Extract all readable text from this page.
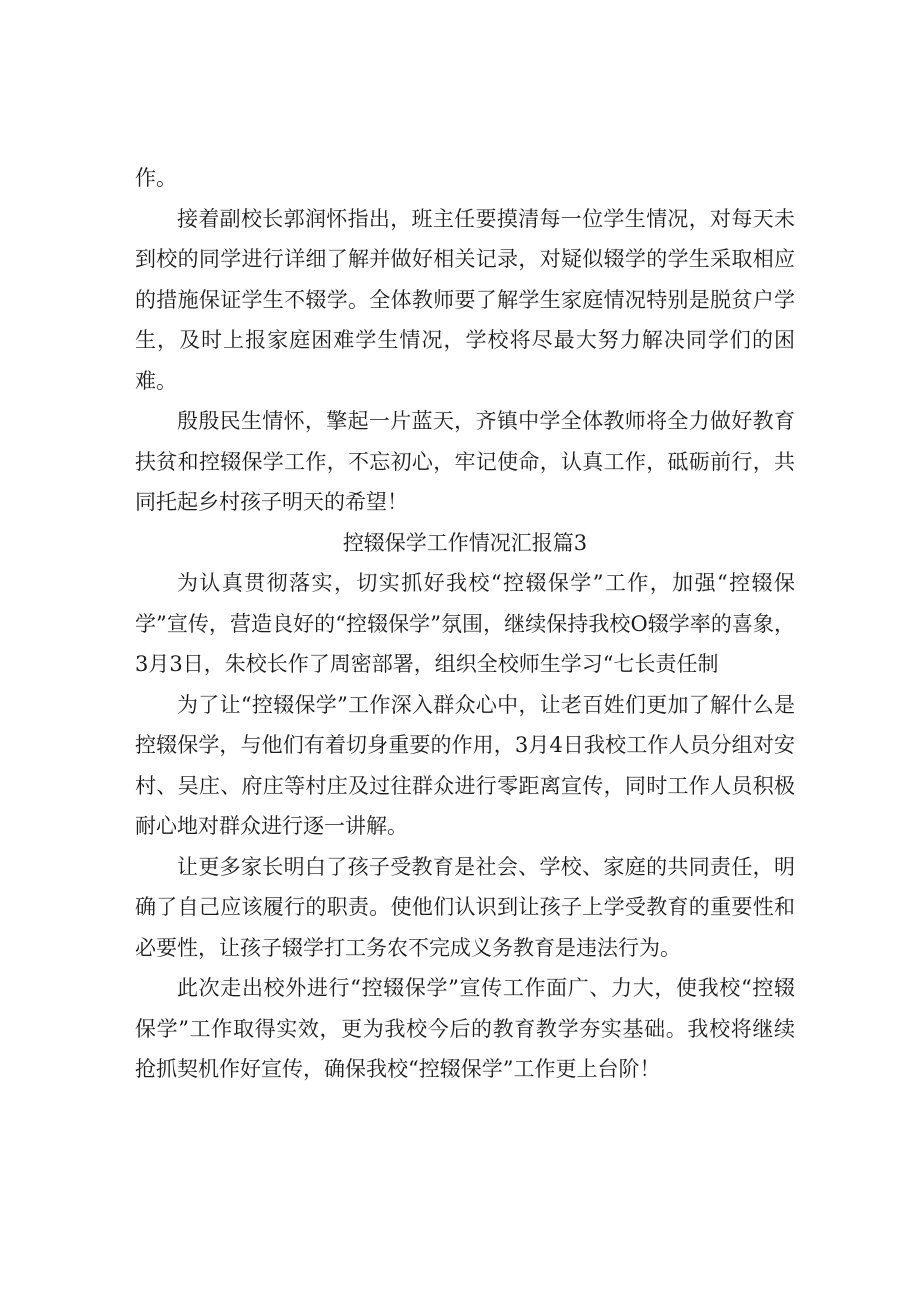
作。

接着副校长郭润怀指出，班主任要摸清每一位学生情况，对每天未到校的同学进行详细了解并做好相关记录，对疑似辍学的学生采取相应的措施保证学生不辍学。全体教师要了解学生家庭情况特别是脱贫户学生，及时上报家庭困难学生情况，学校将尽最大努力解决同学们的困难。

殷殷民生情怀，擎起一片蓝天，齐镇中学全体教师将全力做好教育扶贫和控辍保学工作，不忘初心，牢记使命，认真工作，砥砺前行，共同托起乡村孩子明天的希望！

控辍保学工作情况汇报篇3

为认真贯彻落实，切实抓好我校“控辍保学”工作，加强“控辍保学”宣传，营造良好的“控辍保学”氛围，继续保持我校O辍学率的喜象，3月3日，朱校长作了周密部署，组织全校师生学习“七长责任制

为了让“控辍保学”工作深入群众心中，让老百姓们更加了解什么是控辍保学，与他们有着切身重要的作用，3月4日我校工作人员分组对安村、吴庄、府庄等村庄及过往群众进行零距离宣传，同时工作人员积极耐心地对群众进行逐一讲解。

让更多家长明白了孩子受教育是社会、学校、家庭的共同责任，明确了自己应该履行的职责。使他们认识到让孩子上学受教育的重要性和必要性，让孩子辍学打工务农不完成义务教育是违法行为。

此次走出校外进行“控辍保学”宣传工作面广、力大，使我校“控辍保学”工作取得实效，更为我校今后的教育教学夯实基础。我校将继续抢抓契机作好宣传，确保我校“控辍保学”工作更上台阶！
